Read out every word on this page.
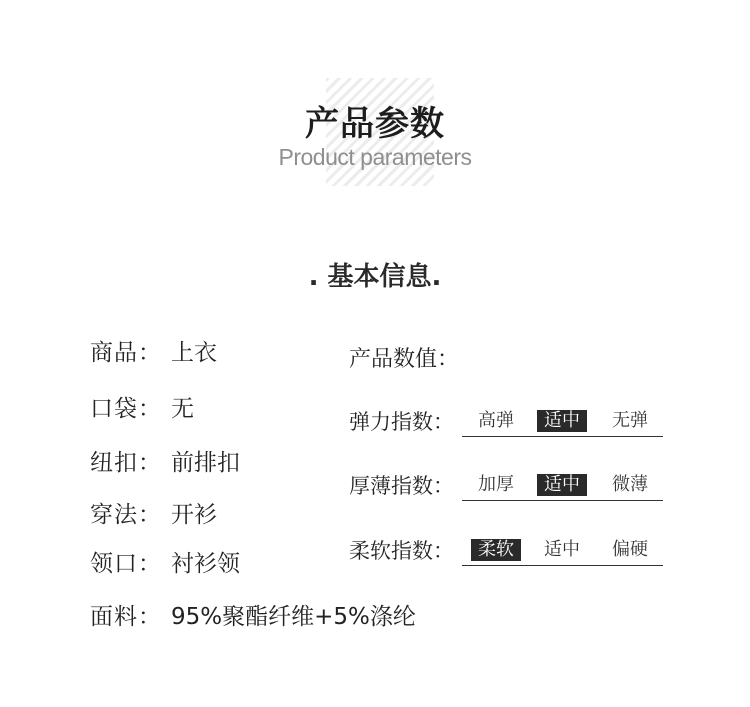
产品参数
Product parameters
. 基本信息.
商品： 上衣
口袋： 无
纽扣： 前排扣
穿法： 开衫
领口： 衬衫领
面料： 95%聚酯纤维+5%涤纶
产品数值：
弹力指数：	高弹	适中	无弹
厚薄指数：	加厚	适中	微薄
柔软指数：	柔软	适中	偏硬
